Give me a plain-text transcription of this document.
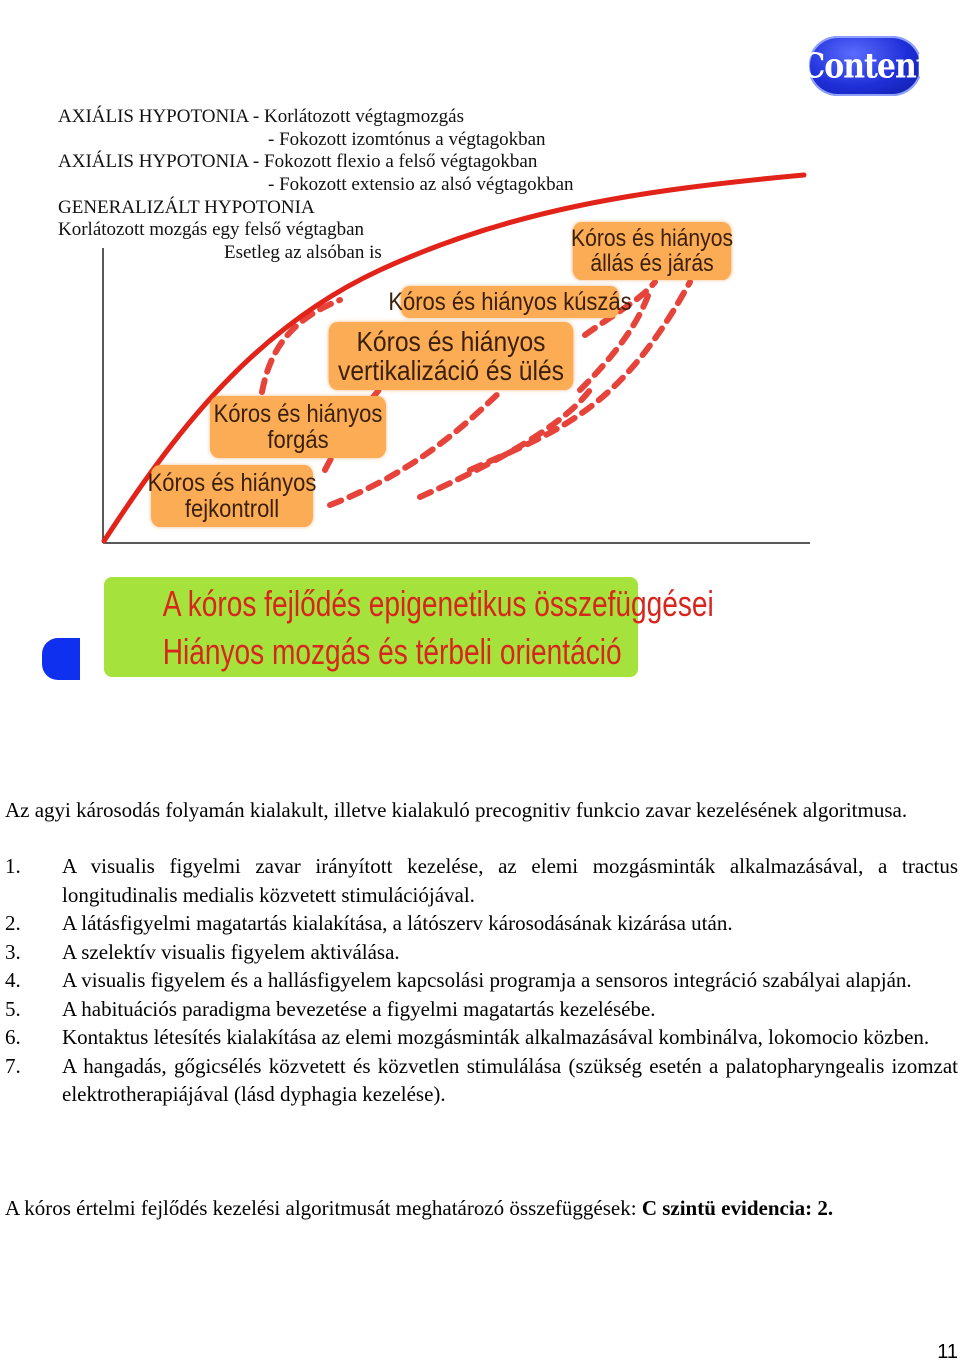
Content
AXIÁLIS HYPOTONIA - Korlátozott végtagmozgás
- Fokozott izomtónus a végtagokban
AXIÁLIS HYPOTONIA - Fokozott flexio a felső végtagokban
- Fokozott extensio az alsó végtagokban
GENERALIZÁLT HYPOTONIA
Korlátozott mozgás egy felső végtagban
Esetleg az alsóban is
Kóros és hiányos
fejkontroll
Kóros és hiányos
forgás
Kóros és hiányos
vertikalizáció és ülés
Kóros és hiányos kúszás
Kóros és hiányos
állás és járás
A kóros fejlődés epigenetikus összefüggései
Hiányos mozgás és térbeli orientáció
Az agyi károsodás folyamán kialakult, illetve kialakuló precognitiv funkcio zavar kezelésének algoritmusa.
1. A visualis figyelmi zavar irányított kezelése, az elemi mozgásminták alkalmazásával, a tractus longitudinalis medialis közvetett stimulációjával.
2. A látásfigyelmi magatartás kialakítása, a látószerv károsodásának kizárása után.
3. A szelektív visualis figyelem aktiválása.
4. A visualis figyelem és a hallásfigyelem kapcsolási programja a sensoros integráció szabályai alapján.
5. A habituációs paradigma bevezetése a figyelmi magatartás kezelésébe.
6. Kontaktus létesítés kialakítása az elemi mozgásminták alkalmazásával kombinálva, lokomocio közben.
7. A hangadás, gőgicsélés közvetett és közvetlen stimulálása (szükség esetén a palatopharyngealis izomzat elektrotherapiájával (lásd dyphagia kezelése).
A kóros értelmi fejlődés kezelési algoritmusát meghatározó összefüggések: C szintü evidencia: 2.
11
